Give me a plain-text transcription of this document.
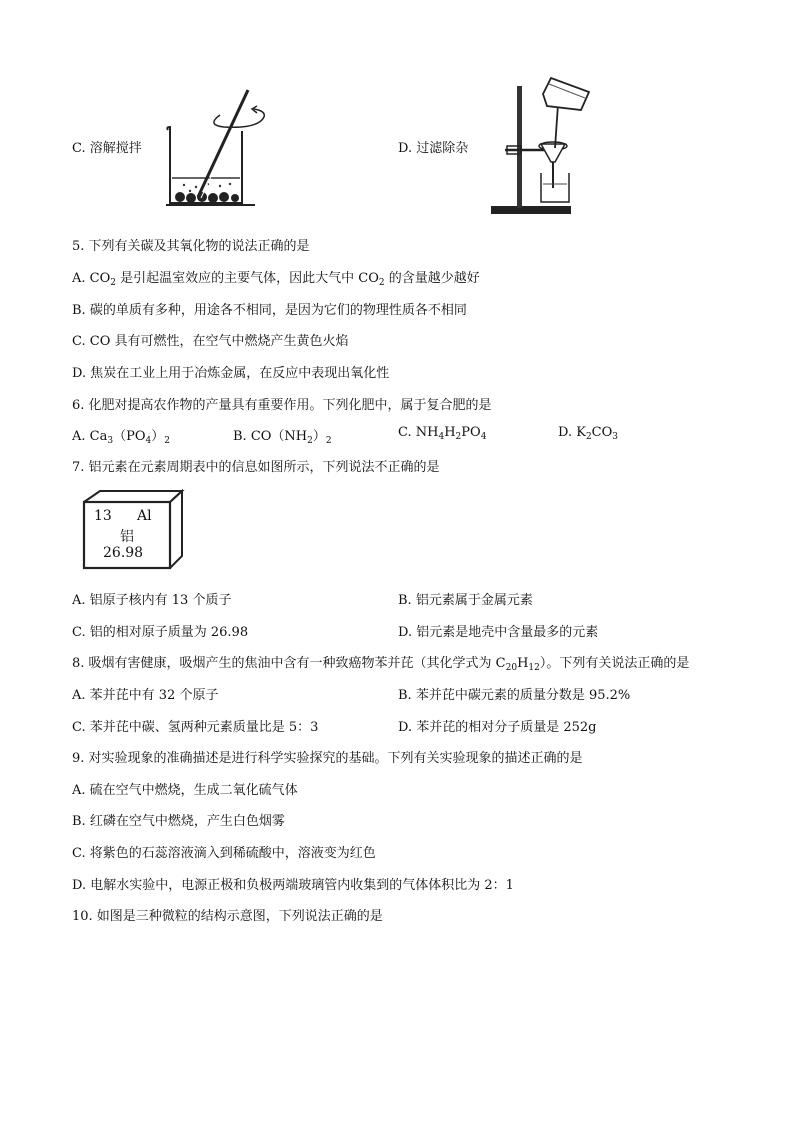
C. 溶解搅拌	D. 过滤除杂
5. 下列有关碳及其氧化物的说法正确的是
A. $CO_2$ 是引起温室效应的主要气体，因此大气中 $CO_2$ 的含量越少越好
B. 碳的单质有多种，用途各不相同，是因为它们的物理性质各不相同
C. CO 具有可燃性，在空气中燃烧产生黄色火焰
D. 焦炭在工业上用于冶炼金属，在反应中表现出氧化性
6. 化肥对提高农作物的产量具有重要作用。下列化肥中，属于复合肥的是
A. $Ca_3(PO_4)_2$	B. $CO(NH_2)_2$
C. $NH_4H_2PO_4$	D. $K_2CO_3$
7. 铝元素在元素周期表中的信息如图所示，下列说法不正确的是
13 Al
铝
26.98
A. 铝原子核内有 13 个质子	B. 铝元素属于金属元素
C. 铝的相对原子质量为 26.98	D. 铝元素是地壳中含量最多的元素
8. 吸烟有害健康，吸烟产生的焦油中含有一种致癌物苯并芘（其化学式为 $C_{20}H_{12}$）。下列有关说法正确的是
A. 苯并芘中有 32 个原子	B. 苯并芘中碳元素的质量分数是 95.2%
C. 苯并芘中碳、氢两种元素质量比是 5：3	D. 苯并芘的相对分子质量是 252g
9. 对实验现象的准确描述是进行科学实验探究的基础。下列有关实验现象的描述正确的是
A. 硫在空气中燃烧，生成二氧化硫气体
B. 红磷在空气中燃烧，产生白色烟雾
C. 将紫色的石蕊溶液滴入到稀硫酸中，溶液变为红色
D. 电解水实验中，电源正极和负极两端玻璃管内收集到的气体体积比为 2：1
10. 如图是三种微粒的结构示意图，下列说法正确的是
